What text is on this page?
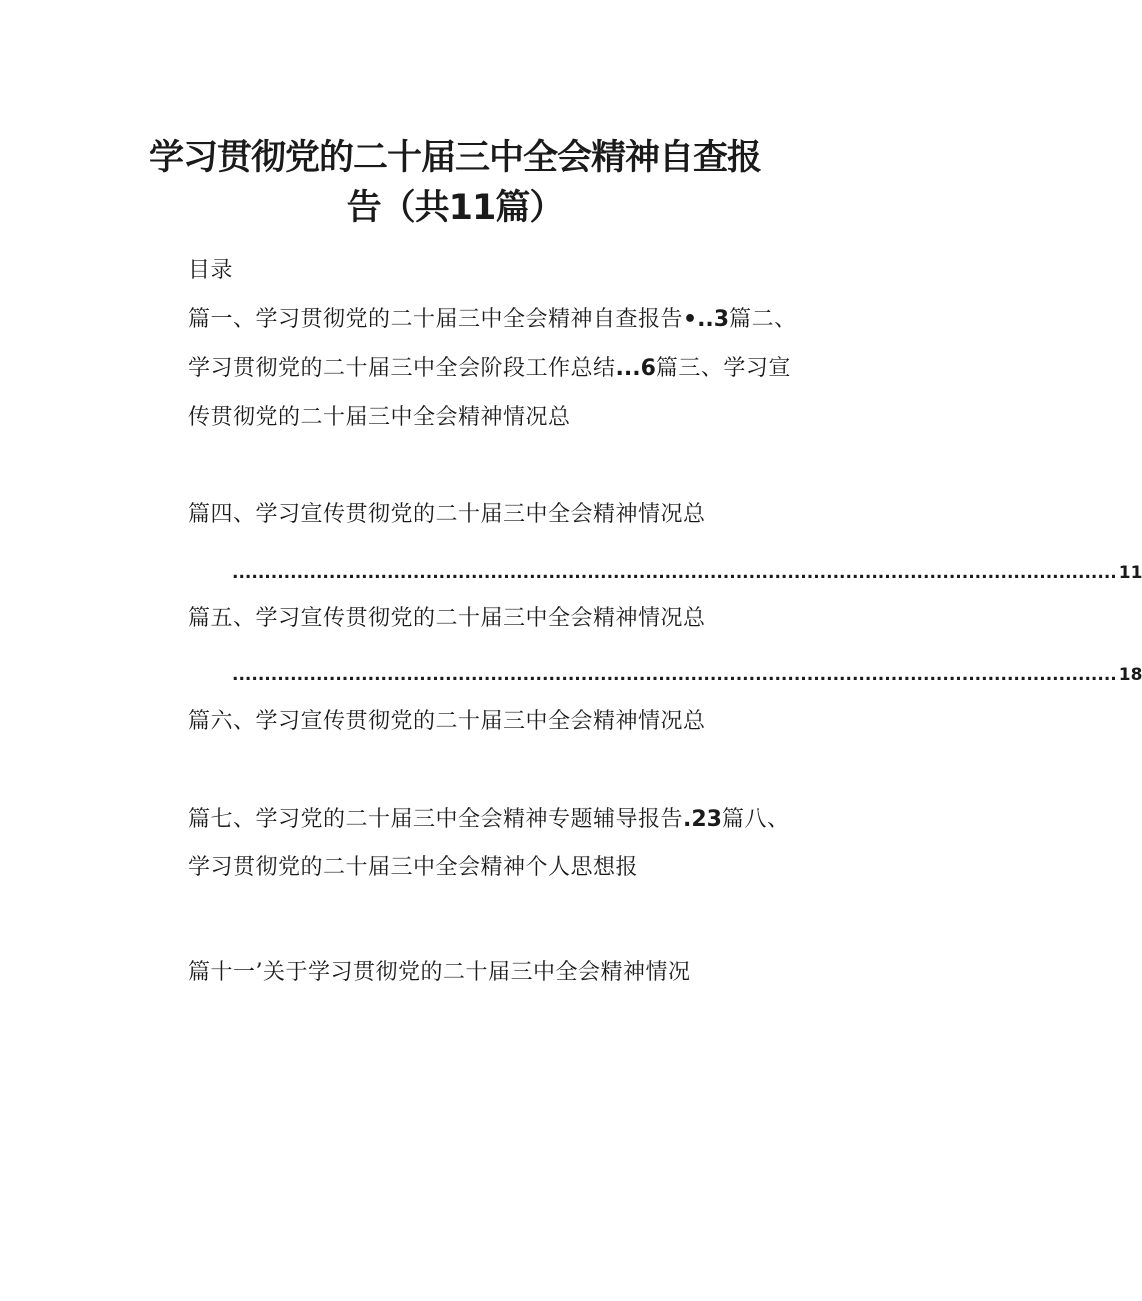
学习贯彻党的二十届三中全会精神自查报
告（共11篇）
目录
篇一、学习贯彻党的二十届三中全会精神自查报告•..3篇二、
学习贯彻党的二十届三中全会阶段工作总结...6篇三、学习宣
传贯彻党的二十届三中全会精神情况总
篇四、学习宣传贯彻党的二十届三中全会精神情况总
......................................................................................................................................... 11
篇五、学习宣传贯彻党的二十届三中全会精神情况总
......................................................................................................................................... 18
篇六、学习宣传贯彻党的二十届三中全会精神情况总
篇七、学习党的二十届三中全会精神专题辅导报告.23篇八、
学习贯彻党的二十届三中全会精神个人思想报
篇十一’关于学习贯彻党的二十届三中全会精神情况
